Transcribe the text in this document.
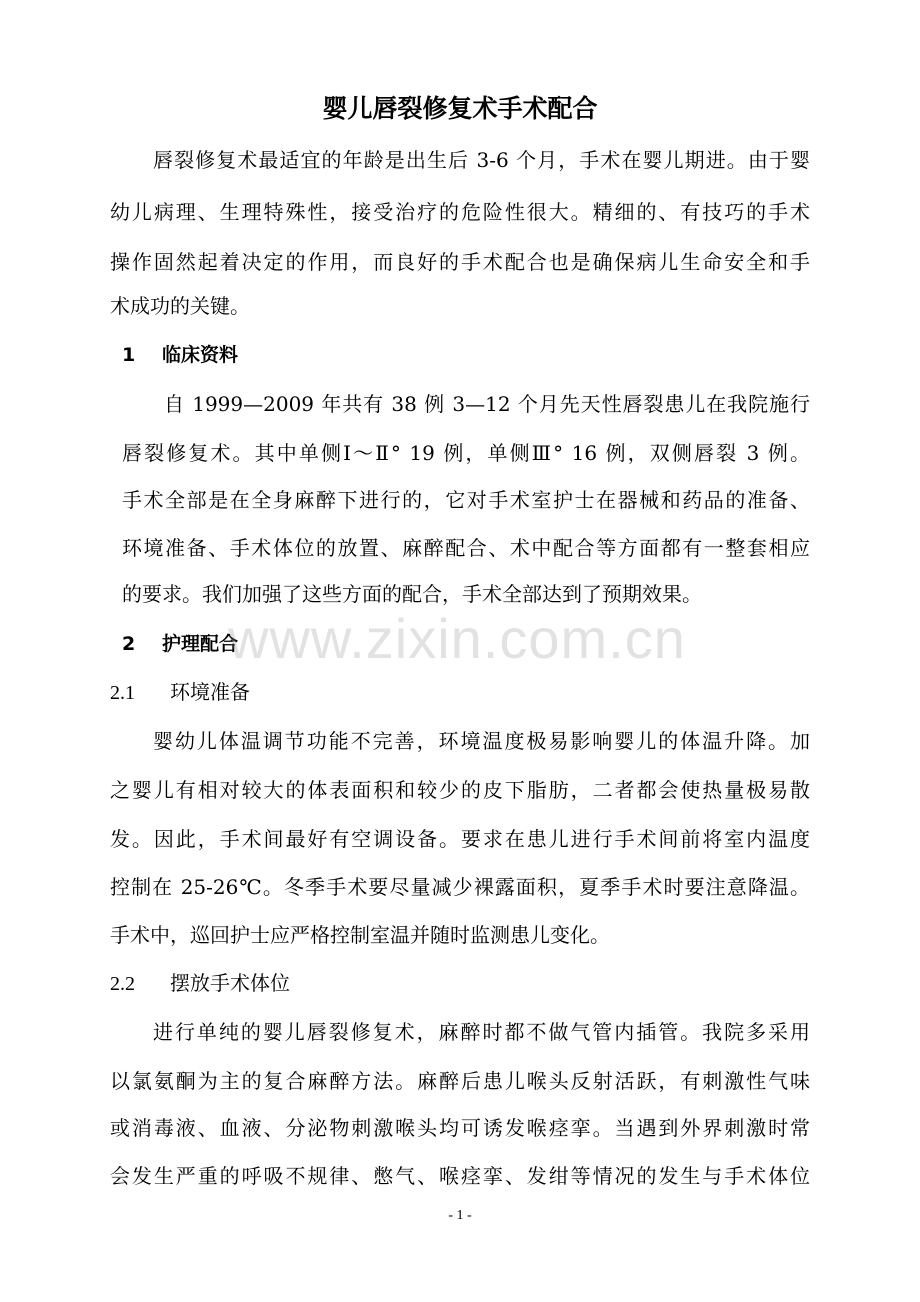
婴儿唇裂修复术手术配合
唇裂修复术最适宜的年龄是出生后 3-6 个月，手术在婴儿期进。由于婴
幼儿病理、生理特殊性，接受治疗的危险性很大。精细的、有技巧的手术
操作固然起着决定的作用，而良好的手术配合也是确保病儿生命安全和手
术成功的关键。
1 临床资料
自 1999—2009 年共有 38 例 3—12 个月先天性唇裂患儿在我院施行
唇裂修复术。其中单侧Ⅰ～Ⅱ° 19 例，单侧Ⅲ° 16 例，双侧唇裂 3 例。
手术全部是在全身麻醉下进行的，它对手术室护士在器械和药品的准备、
环境准备、手术体位的放置、麻醉配合、术中配合等方面都有一整套相应
的要求。我们加强了这些方面的配合，手术全部达到了预期效果。
2 护理配合
2.1 环境准备
婴幼儿体温调节功能不完善，环境温度极易影响婴儿的体温升降。加
之婴儿有相对较大的体表面积和较少的皮下脂肪，二者都会使热量极易散
发。因此，手术间最好有空调设备。要求在患儿进行手术间前将室内温度
控制在 25-26℃。冬季手术要尽量减少裸露面积，夏季手术时要注意降温。
手术中，巡回护士应严格控制室温并随时监测患儿变化。
2.2 摆放手术体位
进行单纯的婴儿唇裂修复术，麻醉时都不做气管内插管。我院多采用
以氯氨酮为主的复合麻醉方法。麻醉后患儿喉头反射活跃，有刺激性气味
或消毒液、血液、分泌物刺激喉头均可诱发喉痉挛。当遇到外界刺激时常
会发生严重的呼吸不规律、憋气、喉痉挛、发绀等情况的发生与手术体位
www.zixin.com.cn
- 1 -
